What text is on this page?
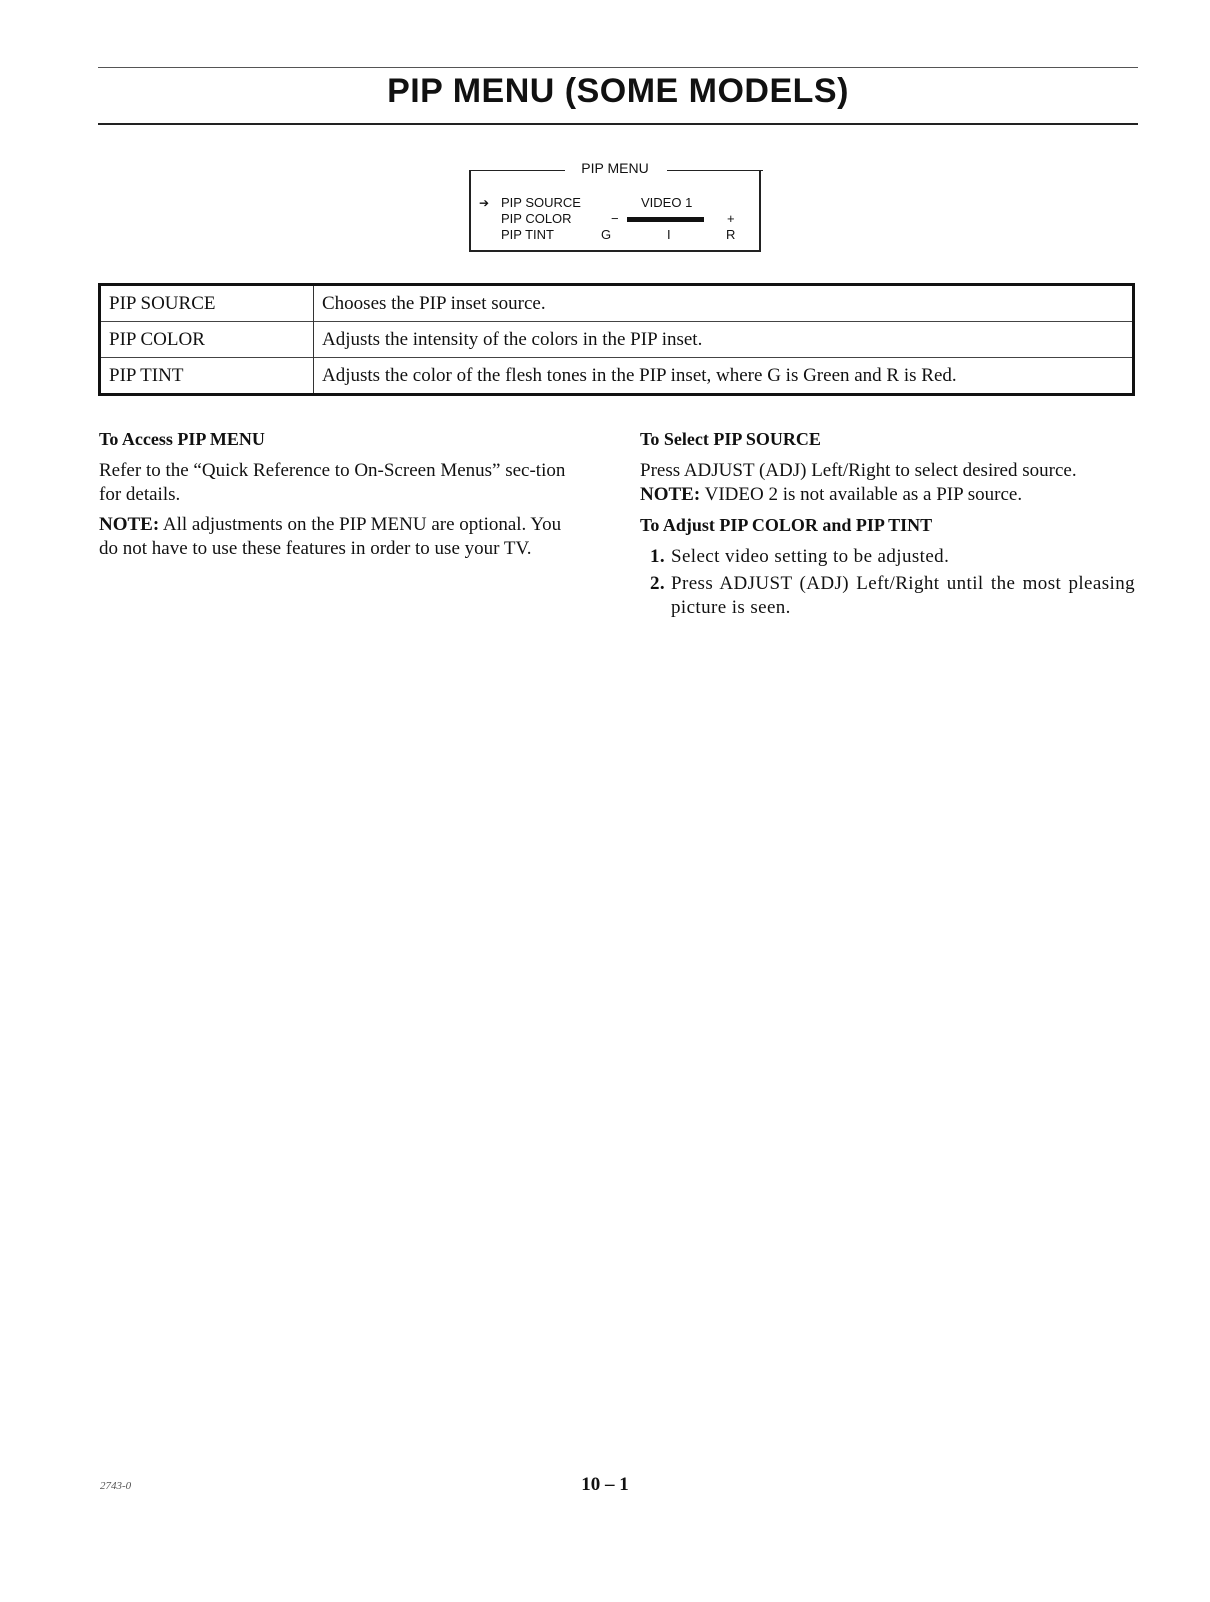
PIP MENU (SOME MODELS)
PIP MENU
➔ PIP SOURCE	VIDEO 1
PIP COLOR	−	+
PIP TINT	G	I	R
PIP SOURCE	Chooses the PIP inset source.
PIP COLOR	Adjusts the intensity of the colors in the PIP inset.
PIP TINT	Adjusts the color of the flesh tones in the PIP inset, where G is Green and R is Red.

To Access PIP MENU

Refer to the “Quick Reference to On-Screen Menus” sec-tion for details.

NOTE: All adjustments on the PIP MENU are optional. You do not have to use these features in order to use your TV.

To Select PIP SOURCE

Press ADJUST (ADJ) Left/Right to select desired source.

NOTE: VIDEO 2 is not available as a PIP source.

To Adjust PIP COLOR and PIP TINT

1. Select video setting to be adjusted.
2. Press ADJUST (ADJ) Left/Right until the most pleasing picture is seen.
2743-0	10 – 1
